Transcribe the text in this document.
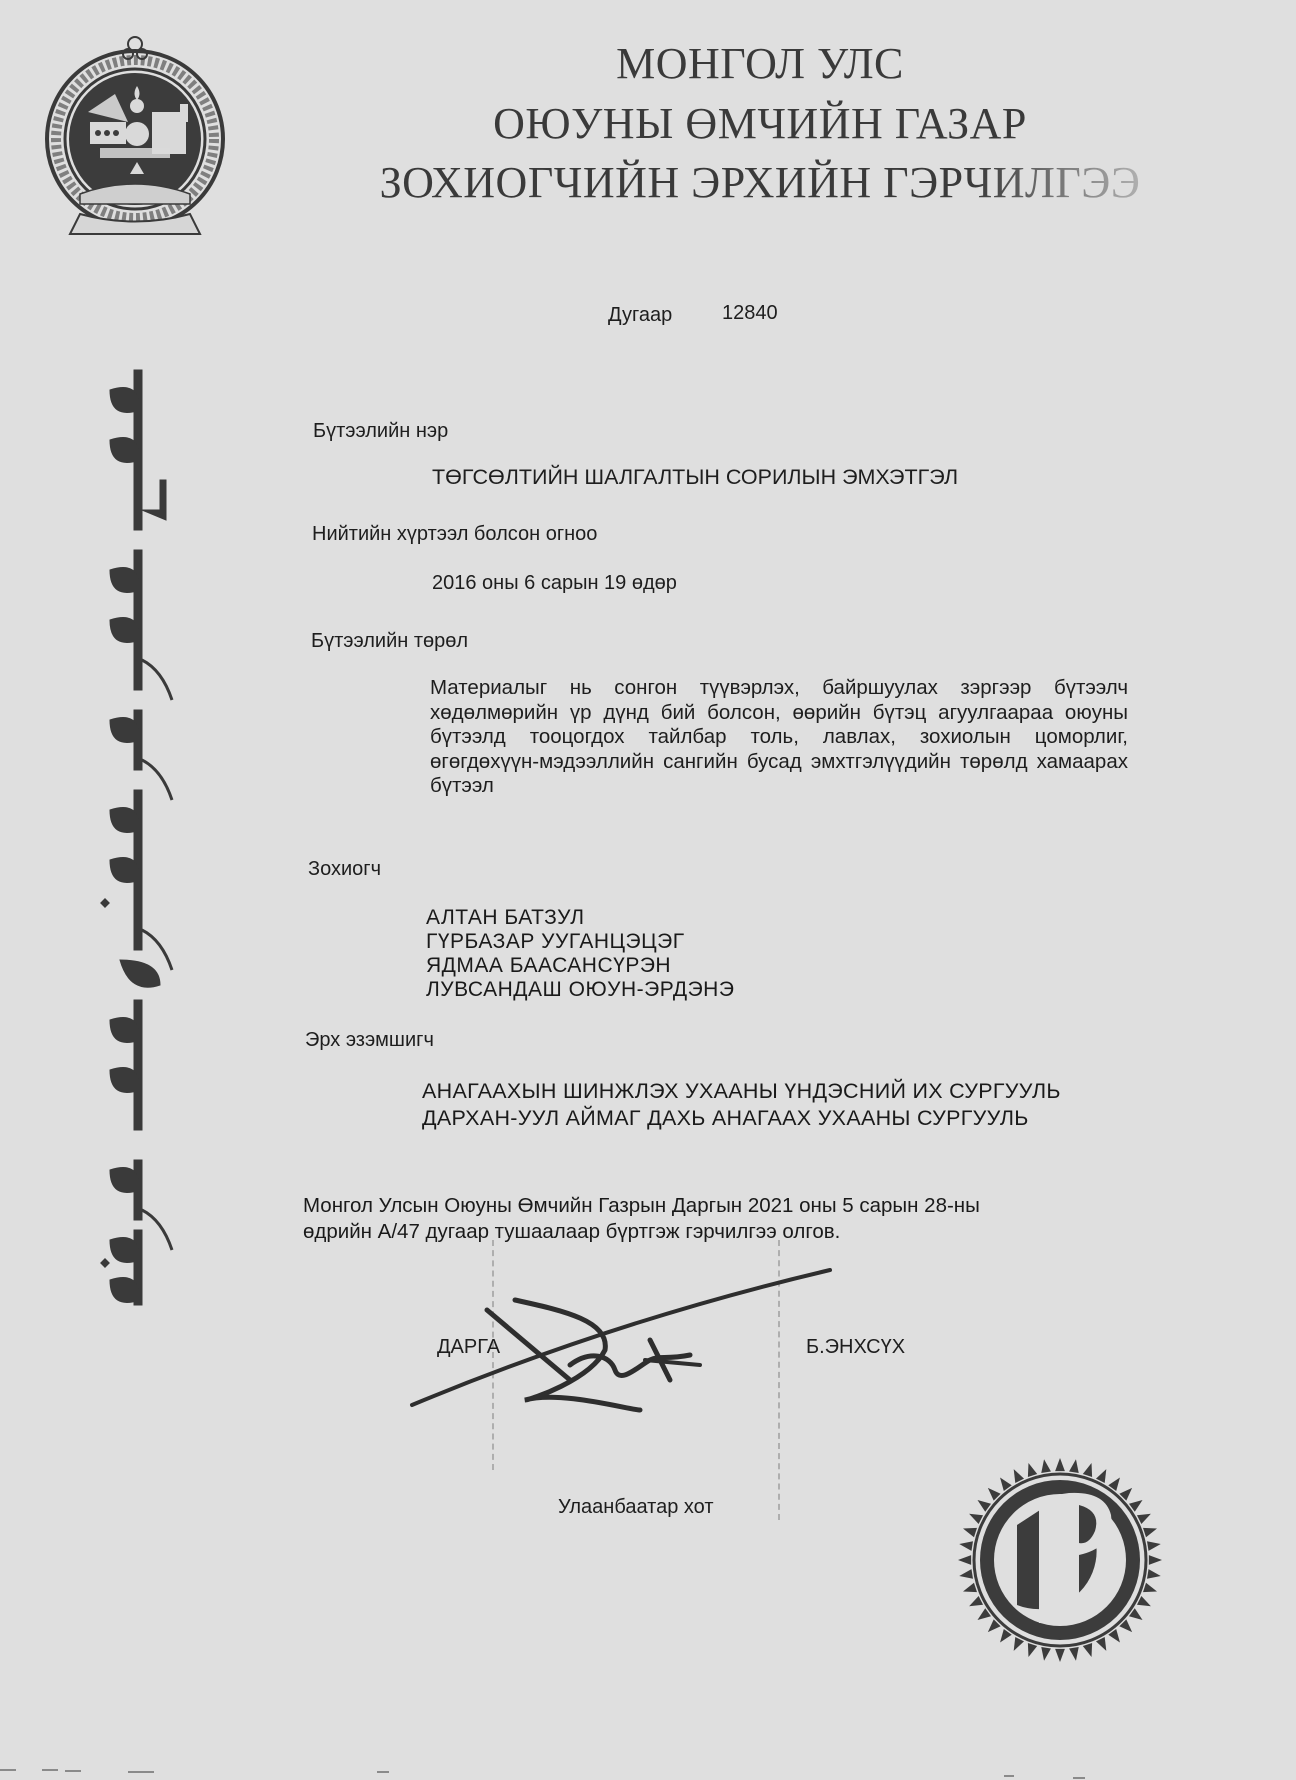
МОНГОЛ УЛС
ОЮУНЫ ӨМЧИЙН ГАЗАР
ЗОХИОГЧИЙН ЭРХИЙН ГЭРЧИЛГЭЭ
Дугаар 12840
Бүтээлийн нэр
ТӨГСӨЛТИЙН ШАЛГАЛТЫН СОРИЛЫН ЭМХЭТГЭЛ
Нийтийн хүртээл болсон огноо
2016 оны 6 сарын 19 өдөр
Бүтээлийн төрөл
Материалыг нь сонгон түүвэрлэх, байршуулах зэргээр бүтээлч хөдөлмөрийн үр дүнд бий болсон, өөрийн бүтэц агуулгаараа оюуны бүтээлд тооцогдох тайлбар толь, лавлах, зохиолын цоморлиг, өгөгдөхүүн-мэдээллийн сангийн бусад эмхтгэлүүдийн төрөлд хамаарах бүтээл
Зохиогч
АЛТАН БАТЗУЛ
ГҮРБАЗАР УУГАНЦЭЦЭГ
ЯДМАА БААСАНСҮРЭН
ЛУВСАНДАШ ОЮУН-ЭРДЭНЭ
Эрх эзэмшигч
АНАГААХЫН ШИНЖЛЭХ УХААНЫ ҮНДЭСНИЙ ИХ СУРГУУЛЬ
ДАРХАН-УУЛ АЙМАГ ДАХЬ АНАГААХ УХААНЫ СУРГУУЛЬ
Монгол Улсын Оюуны Өмчийн Газрын Даргын 2021 оны 5 сарын 28-ны
өдрийн А/47 дугаар тушаалаар бүртгэж гэрчилгээ олгов.
ДАРГА	Б.ЭНХСҮХ
Улаанбаатар хот
